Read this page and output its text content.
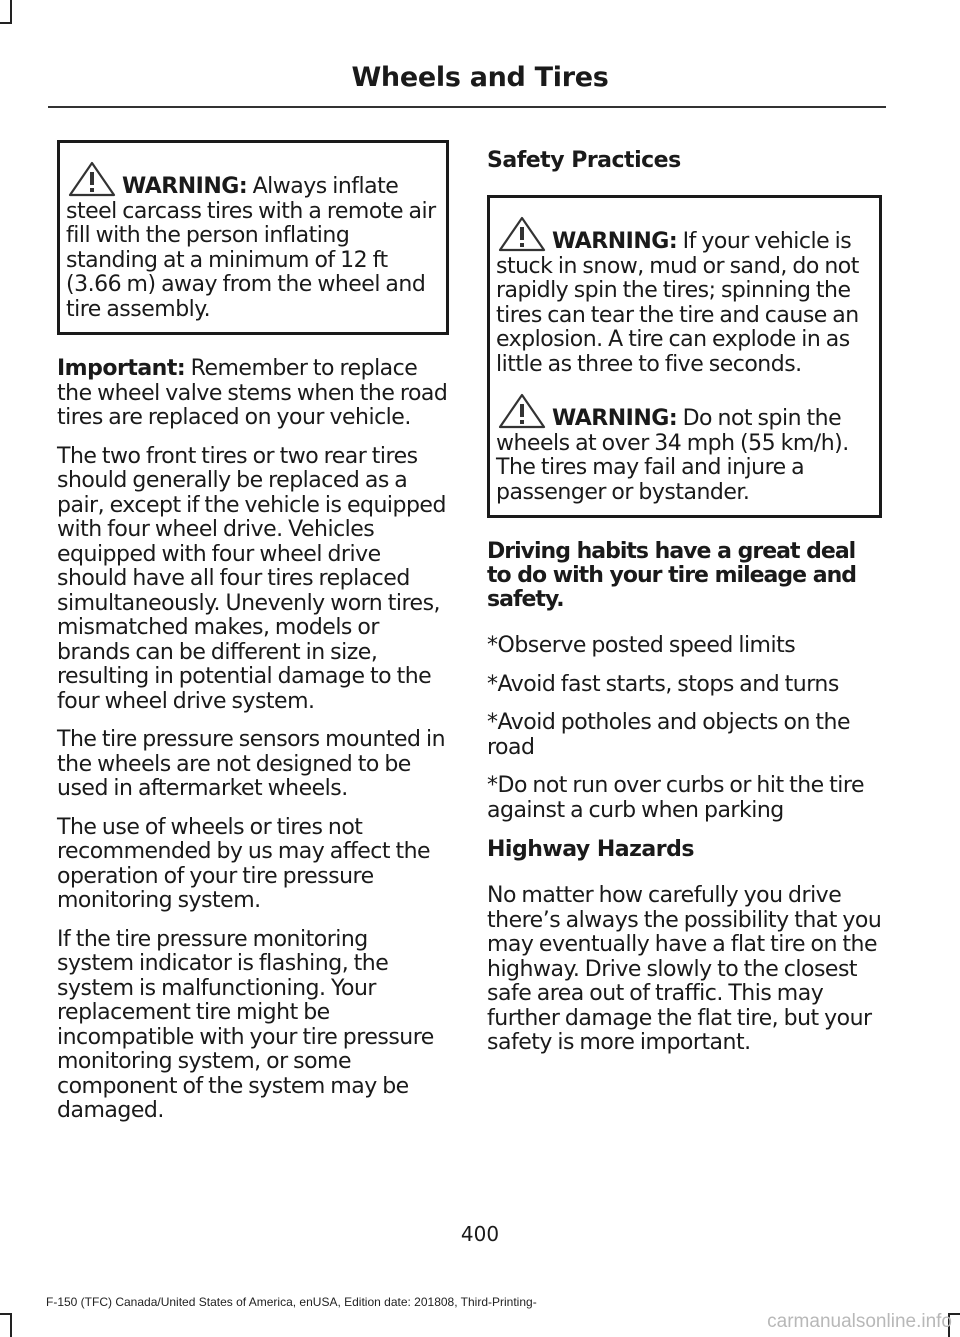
Wheels and Tires

WARNING: Always inflate steel carcass tires with a remote air fill with the person inflating standing at a minimum of 12 ft (3.66 m) away from the wheel and tire assembly.

Important: Remember to replace the wheel valve stems when the road tires are replaced on your vehicle.

The two front tires or two rear tires should generally be replaced as a pair, except if the vehicle is equipped with four wheel drive. Vehicles equipped with four wheel drive should have all four tires replaced simultaneously. Unevenly worn tires, mismatched makes, models or brands can be different in size, resulting in potential damage to the four wheel drive system.

The tire pressure sensors mounted in the wheels are not designed to be used in aftermarket wheels.

The use of wheels or tires not recommended by us may affect the operation of your tire pressure monitoring system.

If the tire pressure monitoring system indicator is flashing, the system is malfunctioning. Your replacement tire might be incompatible with your tire pressure monitoring system, or some component of the system may be damaged.

Safety Practices

WARNING: If your vehicle is stuck in snow, mud or sand, do not rapidly spin the tires; spinning the tires can tear the tire and cause an explosion. A tire can explode in as little as three to five seconds.

WARNING: Do not spin the wheels at over 34 mph (55 km/h). The tires may fail and injure a passenger or bystander.

Driving habits have a great deal to do with your tire mileage and safety.

*Observe posted speed limits

*Avoid fast starts, stops and turns

*Avoid potholes and objects on the road

*Do not run over curbs or hit the tire against a curb when parking

Highway Hazards

No matter how carefully you drive there’s always the possibility that you may eventually have a flat tire on the highway. Drive slowly to the closest safe area out of traffic. This may further damage the flat tire, but your safety is more important.

400
F-150 (TFC) Canada/United States of America, enUSA, Edition date: 201808, Third-Printing-
carmanualsonline.info
